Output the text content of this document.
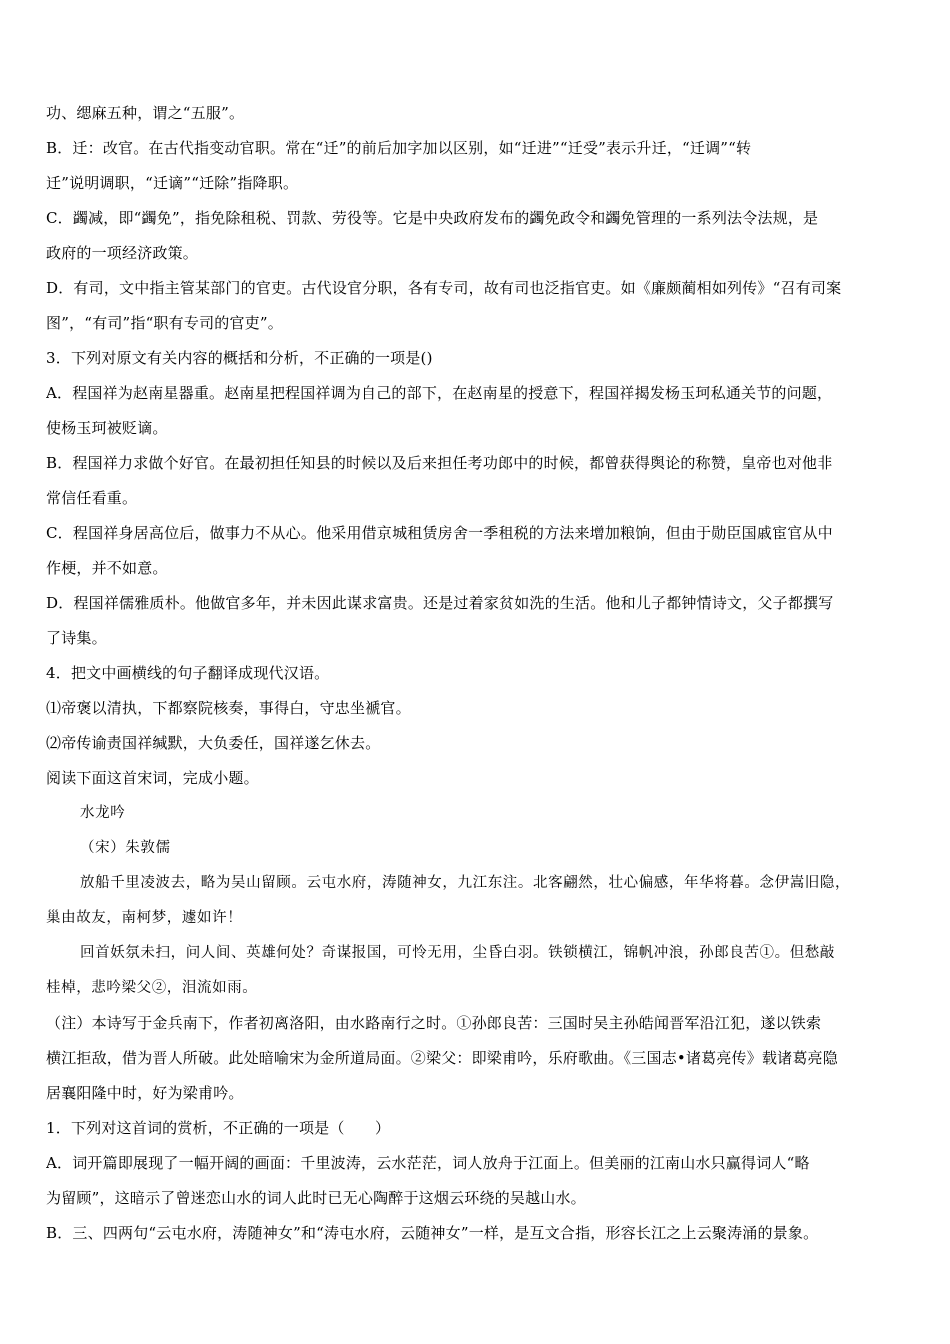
功、缌麻五种，谓之“五服”。
B．迁：改官。在古代指变动官职。常在“迁”的前后加字加以区别，如“迁进”“迁受”表示升迁，“迁调”“转
迁”说明调职，“迁谪”“迁除”指降职。
C．蠲减，即“蠲免”，指免除租税、罚款、劳役等。它是中央政府发布的蠲免政令和蠲免管理的一系列法令法规，是
政府的一项经济政策。
D．有司，文中指主管某部门的官吏。古代设官分职，各有专司，故有司也泛指官吏。如《廉颇蔺相如列传》“召有司案
图”，“有司”指“职有专司的官吏”。
3．下列对原文有关内容的概括和分析，不正确的一项是()
A．程国祥为赵南星器重。赵南星把程国祥调为自己的部下，在赵南星的授意下，程国祥揭发杨玉珂私通关节的问题，
使杨玉珂被贬谪。
B．程国祥力求做个好官。在最初担任知县的时候以及后来担任考功郎中的时候，都曾获得舆论的称赞，皇帝也对他非
常信任看重。
C．程国祥身居高位后，做事力不从心。他采用借京城租赁房舍一季租税的方法来增加粮饷，但由于勋臣国戚宦官从中
作梗，并不如意。
D．程国祥儒雅质朴。他做官多年，并未因此谋求富贵。还是过着家贫如洗的生活。他和儿子都钟情诗文，父子都撰写
了诗集。
4．把文中画横线的句子翻译成现代汉语。
⑴帝褒以清执，下都察院核奏，事得白，守忠坐褫官。
⑵帝传谕责国祥缄默，大负委任，国祥遂乞休去。
阅读下面这首宋词，完成小题。
水龙吟
（宋）朱敦儒
放船千里凌波去，略为吴山留顾。云屯水府，涛随神女，九江东注。北客翩然，壮心偏感，年华将暮。念伊嵩旧隐，
巢由故友，南柯梦，遽如许！
回首妖氛未扫，问人间、英雄何处？奇谋报国，可怜无用，尘昏白羽。铁锁横江，锦帆冲浪，孙郎良苦①。但愁敲
桂棹，悲吟梁父②，泪流如雨。
（注）本诗写于金兵南下，作者初离洛阳，由水路南行之时。①孙郎良苦：三国时吴主孙皓闻晋军沿江犯，遂以铁索
横江拒敌，借为晋人所破。此处暗喻宋为金所道局面。②梁父：即梁甫吟，乐府歌曲。《三国志•诸葛亮传》载诸葛亮隐
居襄阳隆中时，好为梁甫吟。
1．下列对这首词的赏析，不正确的一项是（　　）
A．词开篇即展现了一幅开阔的画面：千里波涛，云水茫茫，词人放舟于江面上。但美丽的江南山水只赢得词人“略
为留顾”，这暗示了曾迷恋山水的词人此时已无心陶醉于这烟云环绕的吴越山水。
B．三、四两句“云屯水府，涛随神女”和“涛屯水府，云随神女”一样，是互文合指，形容长江之上云聚涛涌的景象。
